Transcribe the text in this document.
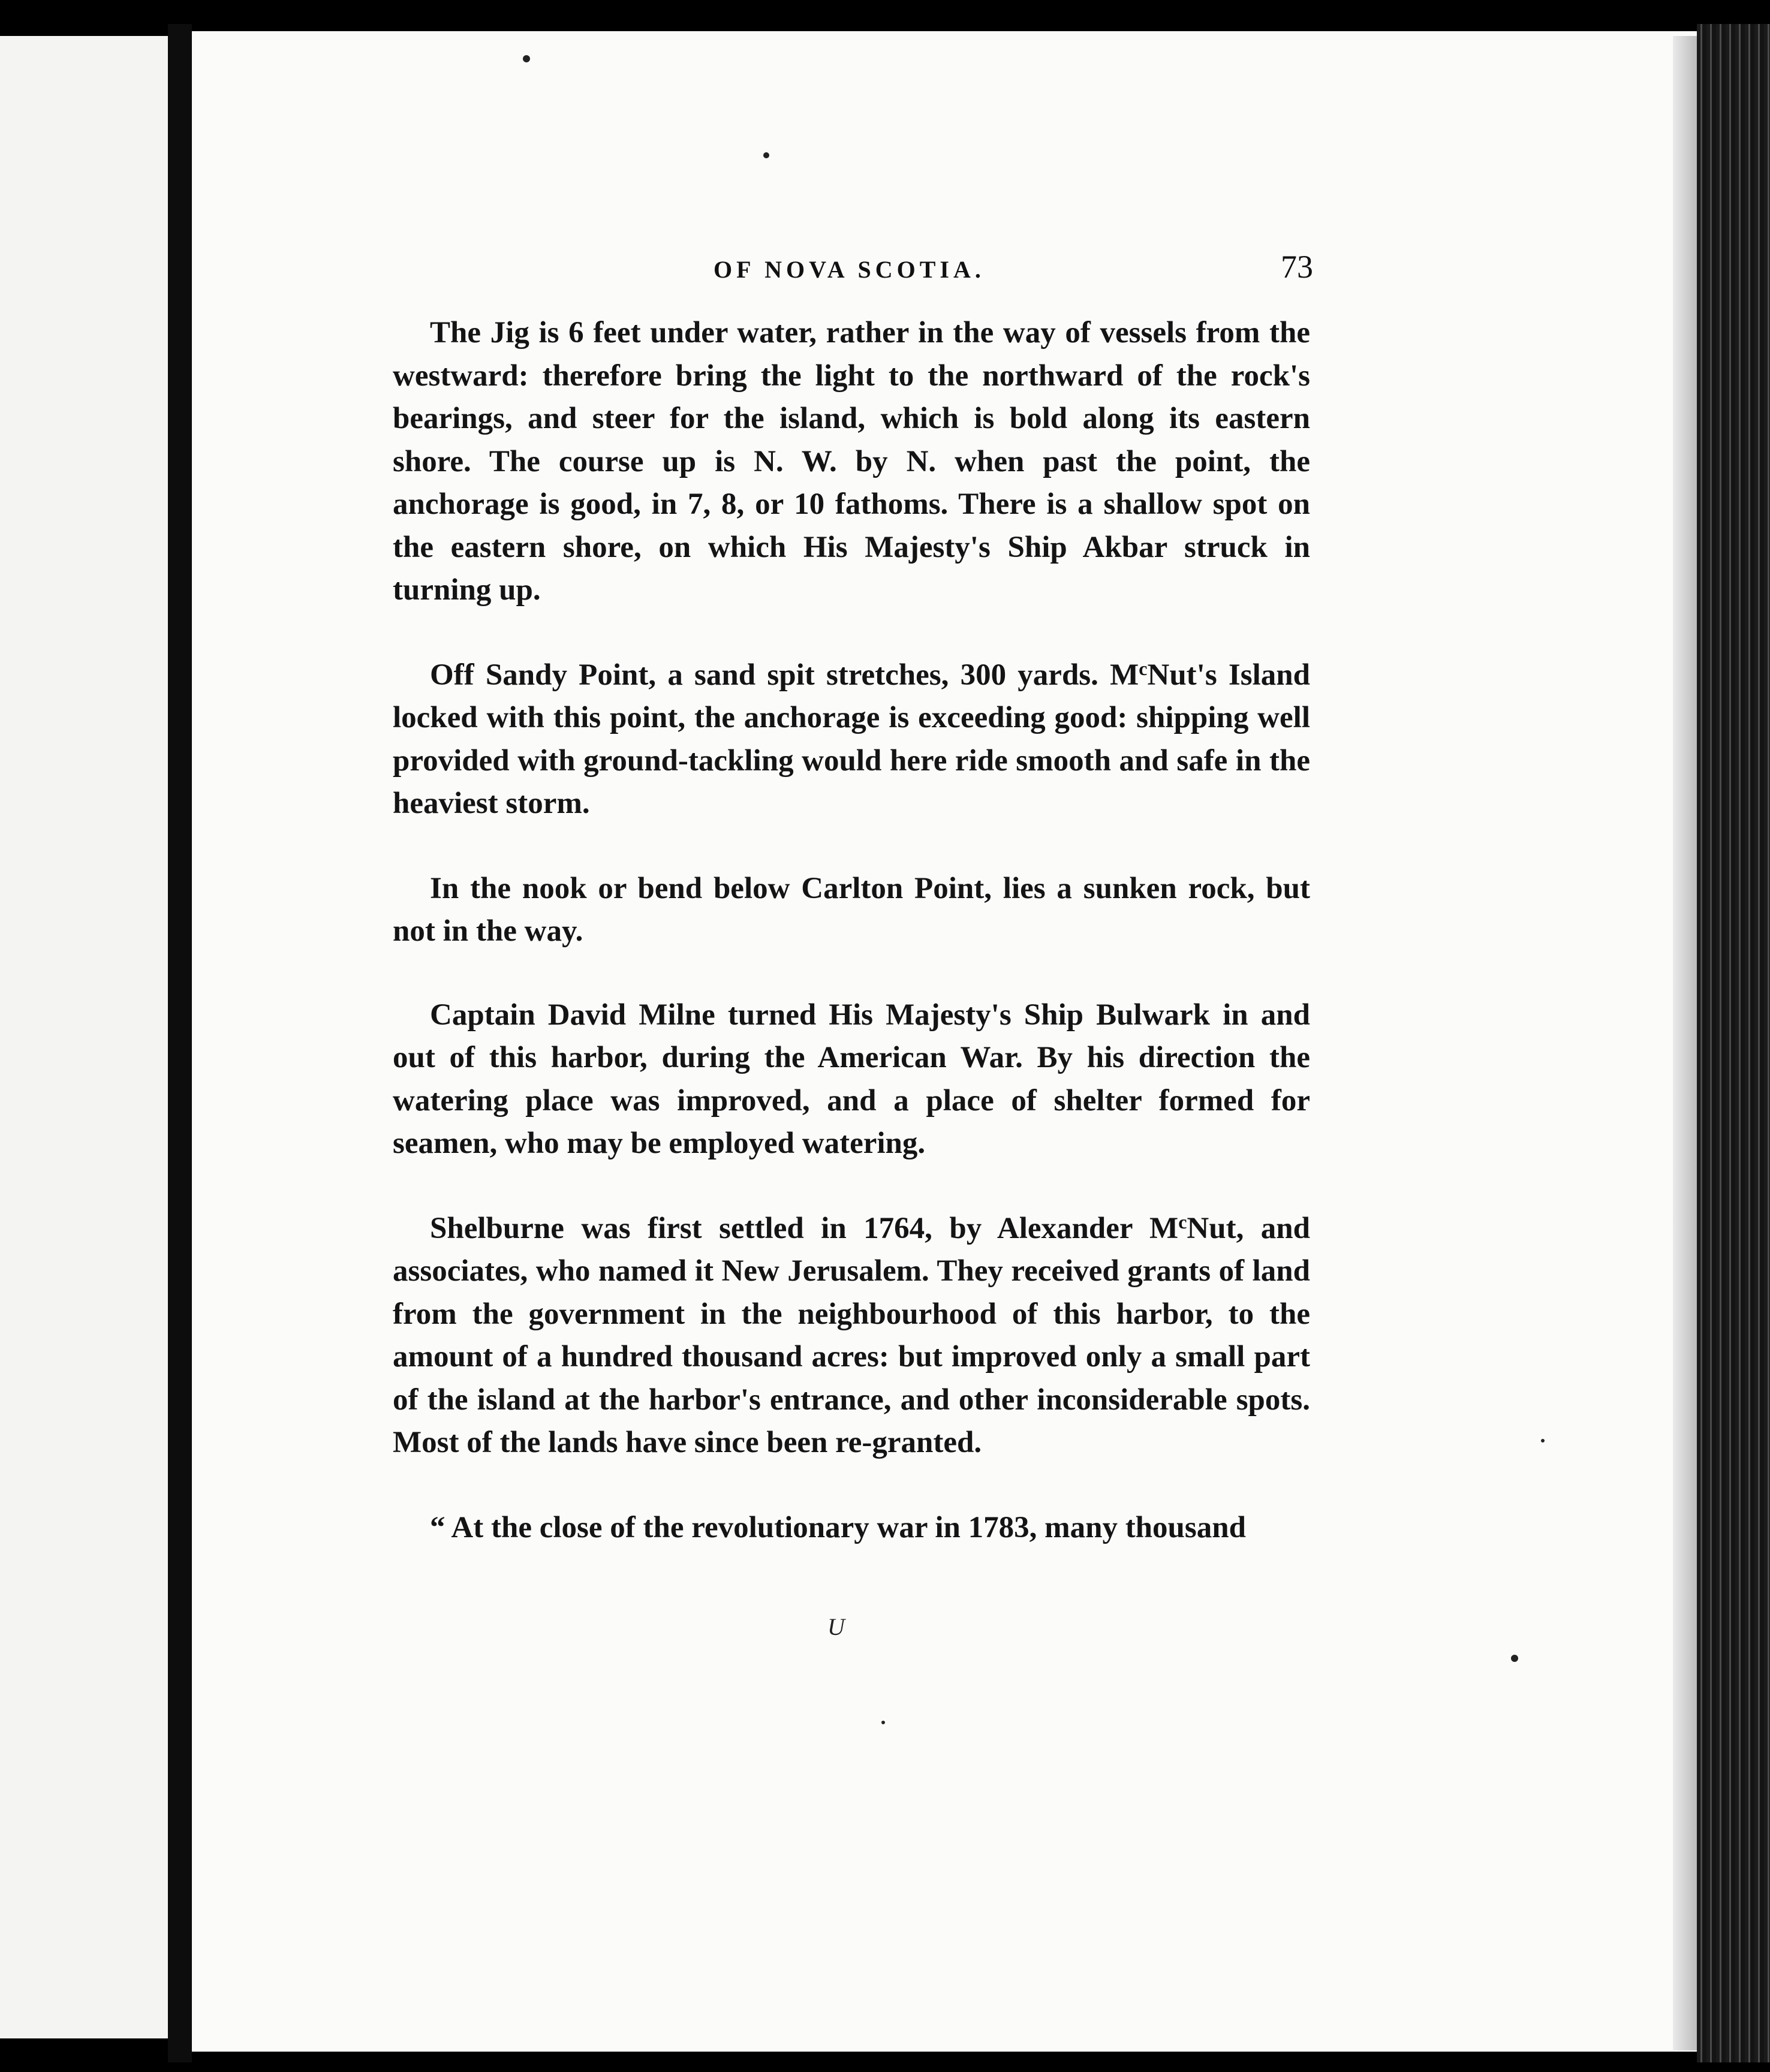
OF NOVA SCOTIA.	73

The Jig is 6 feet under water, rather in the way of vessels from the westward: therefore bring the light to the northward of the rock's bearings, and steer for the island, which is bold along its eastern shore. The course up is N. W. by N. when past the point, the anchorage is good, in 7, 8, or 10 fathoms. There is a shallow spot on the eastern shore, on which His Majesty's Ship Akbar struck in turning up.

Off Sandy Point, a sand spit stretches, 300 yards. $M^cNut's$ Island locked with this point, the anchorage is exceeding good: shipping well provided with ground-tackling would here ride smooth and safe in the heaviest storm.

In the nook or bend below Carlton Point, lies a sunken rock, but not in the way.

Captain David Milne turned His Majesty's Ship Bulwark in and out of this harbor, during the American War. By his direction the watering place was improved, and a place of shelter formed for seamen, who may be employed watering.

Shelburne was first settled in 1764, by Alexander $M^cNut$, and associates, who named it New Jerusalem. They received grants of land from the government in the neighbourhood of this harbor, to the amount of a hundred thousand acres: but improved only a small part of the island at the harbor's entrance, and other inconsiderable spots. Most of the lands have since been re-granted.

“ At the close of the revolutionary war in 1783, many thousand

U
